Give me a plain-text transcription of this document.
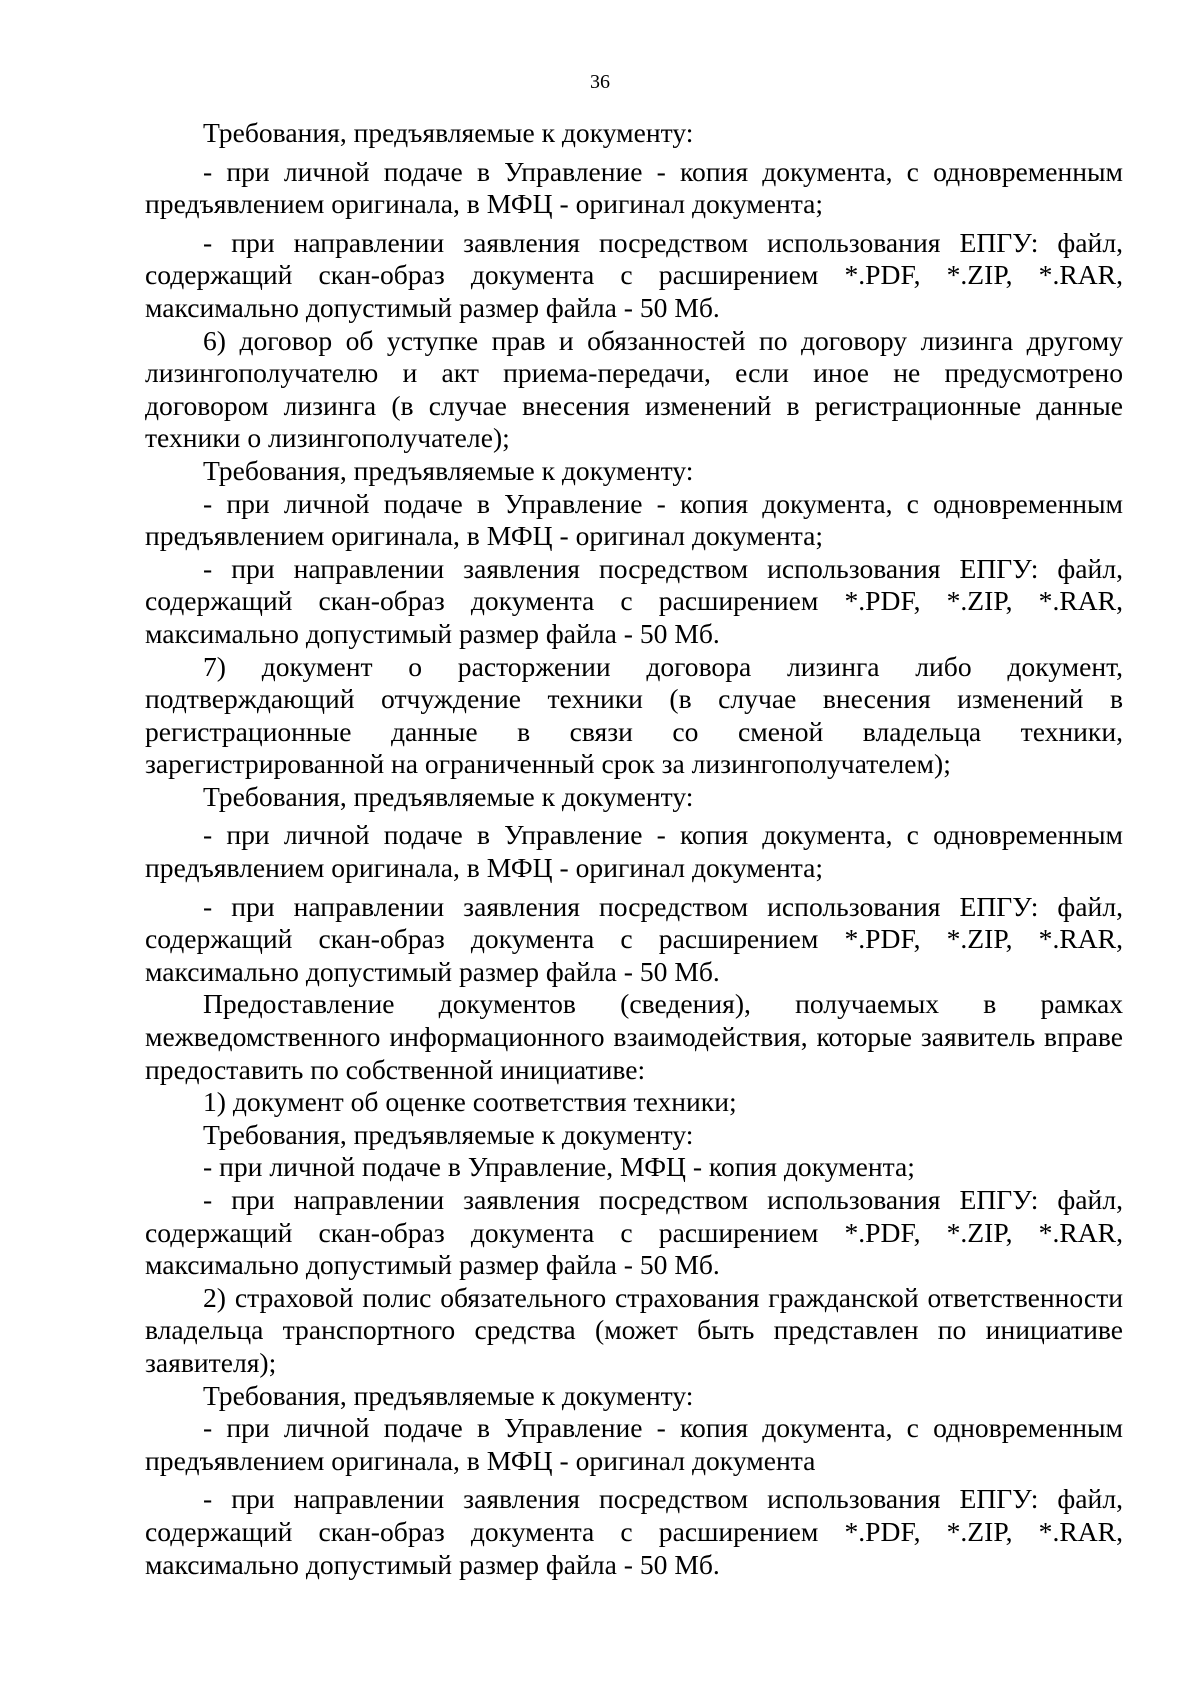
36

Требования, предъявляемые к документу:

- при личной подаче в Управление - копия документа, с одновременным предъявлением оригинала, в МФЦ - оригинал документа;

- при направлении заявления посредством использования ЕПГУ: файл, содержащий скан-образ документа с расширением *.PDF, *.ZIP, *.RAR, максимально допустимый размер файла - 50 Мб.

6) договор об уступке прав и обязанностей по договору лизинга другому лизингополучателю и акт приема-передачи, если иное не предусмотрено договором лизинга (в случае внесения изменений в регистрационные данные техники о лизингополучателе);

Требования, предъявляемые к документу:

- при личной подаче в Управление - копия документа, с одновременным предъявлением оригинала, в МФЦ - оригинал документа;

- при направлении заявления посредством использования ЕПГУ: файл, содержащий скан-образ документа с расширением *.PDF, *.ZIP, *.RAR, максимально допустимый размер файла - 50 Мб.

7) документ о расторжении договора лизинга либо документ, подтверждающий отчуждение техники (в случае внесения изменений в регистрационные данные в связи со сменой владельца техники, зарегистрированной на ограниченный срок за лизингополучателем);

Требования, предъявляемые к документу:

- при личной подаче в Управление - копия документа, с одновременным предъявлением оригинала, в МФЦ - оригинал документа;

- при направлении заявления посредством использования ЕПГУ: файл, содержащий скан-образ документа с расширением *.PDF, *.ZIP, *.RAR, максимально допустимый размер файла - 50 Мб.

Предоставление документов (сведения), получаемых в рамках межведомственного информационного взаимодействия, которые заявитель вправе предоставить по собственной инициативе:

1) документ об оценке соответствия техники;

Требования, предъявляемые к документу:

- при личной подаче в Управление, МФЦ - копия документа;

- при направлении заявления посредством использования ЕПГУ: файл, содержащий скан-образ документа с расширением *.PDF, *.ZIP, *.RAR, максимально допустимый размер файла - 50 Мб.

2) страховой полис обязательного страхования гражданской ответственности владельца транспортного средства (может быть представлен по инициативе заявителя);

Требования, предъявляемые к документу:

- при личной подаче в Управление - копия документа, с одновременным предъявлением оригинала, в МФЦ - оригинал документа

- при направлении заявления посредством использования ЕПГУ: файл, содержащий скан-образ документа с расширением *.PDF, *.ZIP, *.RAR, максимально допустимый размер файла - 50 Мб.
